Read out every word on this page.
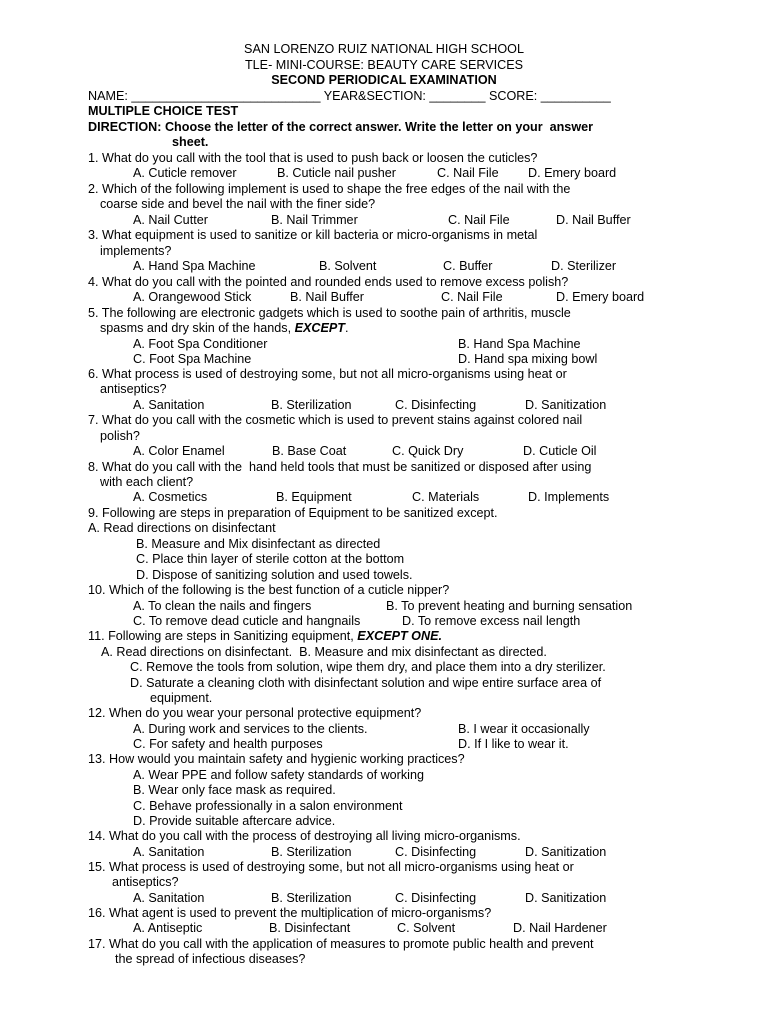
SAN LORENZO RUIZ NATIONAL HIGH SCHOOL
TLE- MINI-COURSE: BEAUTY CARE SERVICES
SECOND PERIODICAL EXAMINATION
NAME: ___________________________ YEAR&SECTION: ________ SCORE: __________
MULTIPLE CHOICE TEST
DIRECTION: Choose the letter of the correct answer. Write the letter on your  answer
sheet.
1. What do you call with the tool that is used to push back or loosen the cuticles?
A. Cuticle remover	B. Cuticle nail pusher	C. Nail File D. Emery board
2. Which of the following implement is used to shape the free edges of the nail with the
coarse side and bevel the nail with the finer side?
A. Nail Cutter	B. Nail Trimmer	C. Nail File	D. Nail Buffer
3. What equipment is used to sanitize or kill bacteria or micro-organisms in metal
implements?
A. Hand Spa Machine	B. Solvent	C. Buffer	D. Sterilizer
4. What do you call with the pointed and rounded ends used to remove excess polish?
A. Orangewood Stick	B. Nail Buffer	C. Nail File	D. Emery board
5. The following are electronic gadgets which is used to soothe pain of arthritis, muscle
spasms and dry skin of the hands, EXCEPT.
A. Foot Spa Conditioner	B. Hand Spa Machine
C. Foot Spa Machine	D. Hand spa mixing bowl
6. What process is used of destroying some, but not all micro-organisms using heat or
antiseptics?
A. Sanitation	B. Sterilization	C. Disinfecting	D. Sanitization
7. What do you call with the cosmetic which is used to prevent stains against colored nail
polish?
A. Color Enamel	B. Base Coat	C. Quick Dry	D. Cuticle Oil
8. What do you call with the  hand held tools that must be sanitized or disposed after using
with each client?
A. Cosmetics	B. Equipment	C. Materials	D. Implements
9. Following are steps in preparation of Equipment to be sanitized except.
A. Read directions on disinfectant
B. Measure and Mix disinfectant as directed
C. Place thin layer of sterile cotton at the bottom
D. Dispose of sanitizing solution and used towels.
10. Which of the following is the best function of a cuticle nipper?
A. To clean the nails and fingers	B. To prevent heating and burning sensation
C. To remove dead cuticle and hangnails	D. To remove excess nail length
11. Following are steps in Sanitizing equipment, EXCEPT ONE.
A. Read directions on disinfectant.  B. Measure and mix disinfectant as directed.
C. Remove the tools from solution, wipe them dry, and place them into a dry sterilizer.
D. Saturate a cleaning cloth with disinfectant solution and wipe entire surface area of
equipment.
12. When do you wear your personal protective equipment?
A. During work and services to the clients.	B. I wear it occasionally
C. For safety and health purposes	D. If I like to wear it.
13. How would you maintain safety and hygienic working practices?
A. Wear PPE and follow safety standards of working
B. Wear only face mask as required.
C. Behave professionally in a salon environment
D. Provide suitable aftercare advice.
14. What do you call with the process of destroying all living micro-organisms.
A. Sanitation	B. Sterilization	C. Disinfecting	D. Sanitization
15. What process is used of destroying some, but not all micro-organisms using heat or
antiseptics?
A. Sanitation	B. Sterilization	C. Disinfecting	D. Sanitization
16. What agent is used to prevent the multiplication of micro-organisms?
A. Antiseptic	B. Disinfectant	C. Solvent	D. Nail Hardener
17. What do you call with the application of measures to promote public health and prevent
the spread of infectious diseases?
